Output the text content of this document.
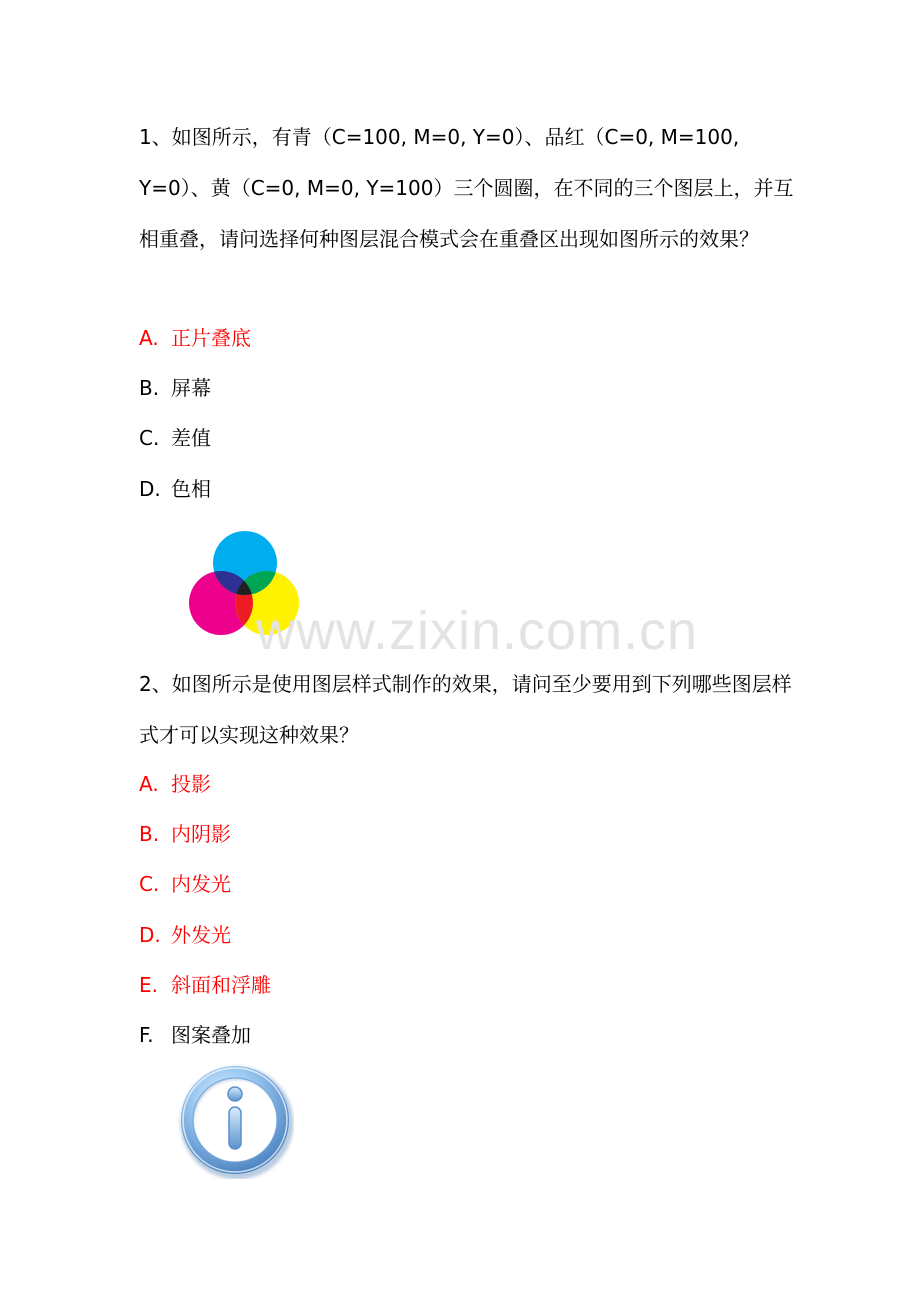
1、如图所示，有青（C=100, M=0, Y=0）、品红（C=0, M=100, Y=0）、黄（C=0, M=0, Y=100）三个圆圈，在不同的三个图层上，并互相重叠，请问选择何种图层混合模式会在重叠区出现如图所示的效果？
A. 正片叠底
B. 屏幕
C. 差值
D. 色相
www.zixin.com.cn
2、如图所示是使用图层样式制作的效果，请问至少要用到下列哪些图层样式才可以实现这种效果？
A. 投影
B. 内阴影
C. 内发光
D. 外发光
E. 斜面和浮雕
F. 图案叠加
